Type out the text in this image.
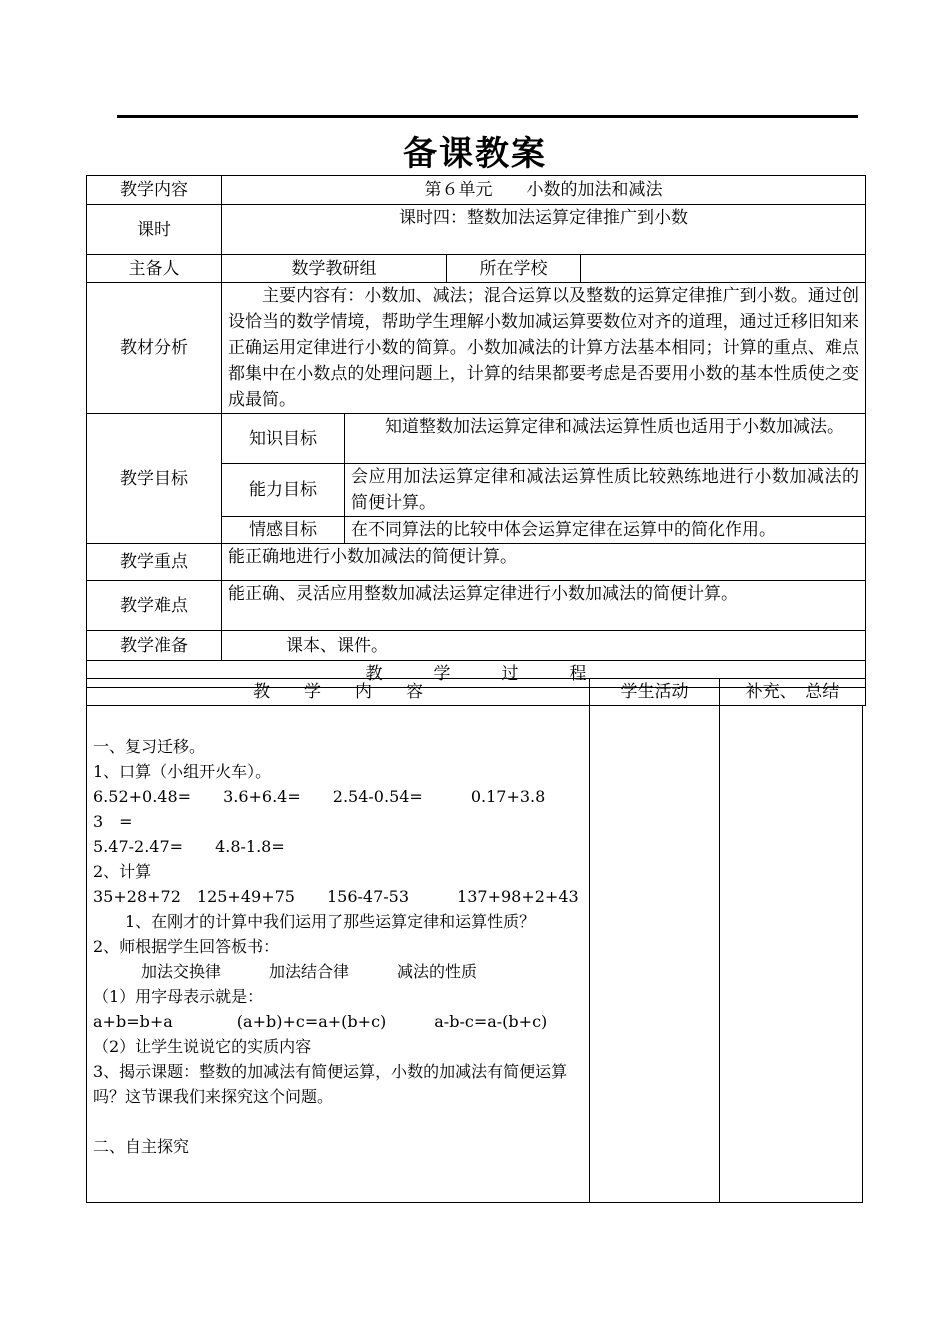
备课教案
教学内容	第６单元　　小数的加法和减法			
课时	课时四：整数加法运算定律推广到小数			
主备人	数学教研组		所在学校	
教材分析	主要内容有：小数加、减法；混合运算以及整数的运算定律推广到小数。通过创设恰当的数学情境，帮助学生理解小数加减运算要数位对齐的道理，通过迁移旧知来正确运用定律进行小数的简算。小数加减法的计算方法基本相同；计算的重点、难点都集中在小数点的处理问题上，计算的结果都要考虑是否要用小数的基本性质使之变成最简。			
教学目标	知识目标	知道整数加法运算定律和减法运算性质也适用于小数加减法。		
	能力目标	会应用加法运算定律和减法运算性质比较熟练地进行小数加减法的简便计算。		
	情感目标	在不同算法的比较中体会运算定律在运算中的简化作用。		
教学重点	能正确地进行小数加减法的简便计算。			
教学难点	能正确、灵活应用整数加减法运算定律进行小数加减法的简便计算。			
教学准备	课本、课件。			
教　　　学　　　过　　　程				
教　　学　　内　　容	学生活动	补充、　总结
一、复习迁移。
1、口算（小组开火车）。
6.52+0.48=　　3.6+6.4=　　2.54-0.54=　　　0.17+3.8
3　=
5.47-2.47=　　4.8-1.8=
2、计算
35+28+72　125+49+75　　156-47-53　　　137+98+2+43
　　1、在刚才的计算中我们运用了那些运算定律和运算性质？
2、师根据学生回答板书：
　　　加法交换律　　　加法结合律　　　减法的性质
（1）用字母表示就是：
a+b=b+a　　　　(a+b)+c=a+(b+c)　　　a-b-c=a-(b+c)
（2）让学生说说它的实质内容
3、揭示课题：整数的加减法有简便运算，小数的加减法有简便运算吗？这节课我们来探究这个问题。

二、自主探究
